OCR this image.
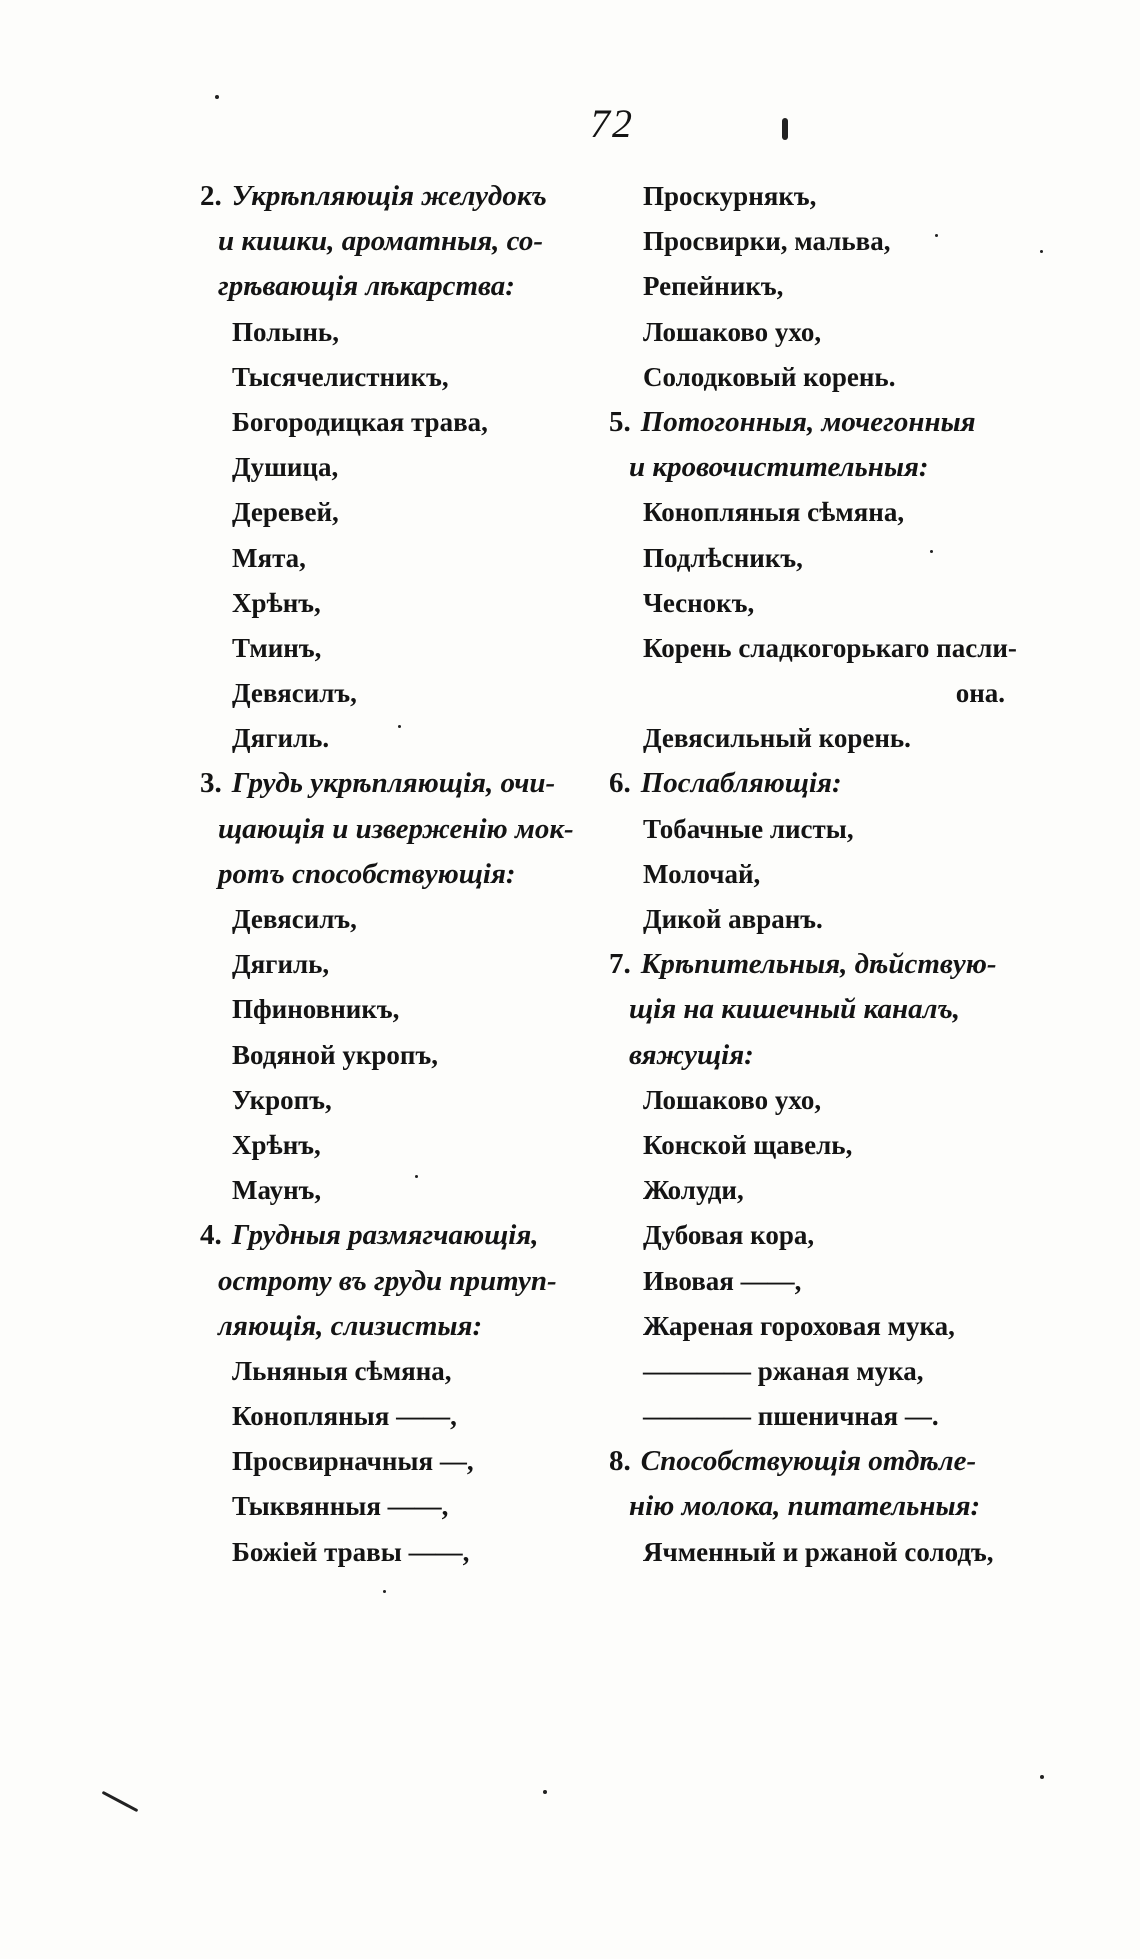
72
2. Укрѣпляющія желудокъ
и кишки, ароматныя, со-
грѣвающія лѣкарства:
Полынь,
Тысячелистникъ,
Богородицкая трава,
Душица,
Деревей,
Мята,
Хрѣнъ,
Тминъ,
Девясилъ,
Дягиль.
3. Грудь укрѣпляющія, очи-
щающія и изверженію мок-
ротъ способствующія:
Девясилъ,
Дягиль,
Пфиновникъ,
Водяной укропъ,
Укропъ,
Хрѣнъ,
Маунъ,
4. Грудныя размягчающія,
остроту въ груди притуп-
ляющія, слизистыя:
Льняныя сѣмяна,
Конопляныя ——,
Просвирначныя —,
Тыквянныя ——,
Божіей травы ——,
Проскурнякъ,
Просвирки, мальва,
Репейникъ,
Лошаково ухо,
Солодковый корень.
5. Потогонныя, мочегонныя
и кровочистительныя:
Конопляныя сѣмяна,
Подлѣсникъ,
Чеснокъ,
Корень сладкогорькаго пасли-
она.
Девясильный корень.
6. Послабляющія:
Тобачные листы,
Молочай,
Дикой авранъ.
7. Крѣпительныя, дѣйствую-
щія на кишечный каналъ,
вяжущія:
Лошаково ухо,
Конской щавель,
Жолуди,
Дубовая кора,
Ивовая ——,
Жареная гороховая мука,
———— ржаная мука,
———— пшеничная —.
8. Способствующія отдѣле-
нію молока, питательныя:
Ячменный и ржаной солодъ,
